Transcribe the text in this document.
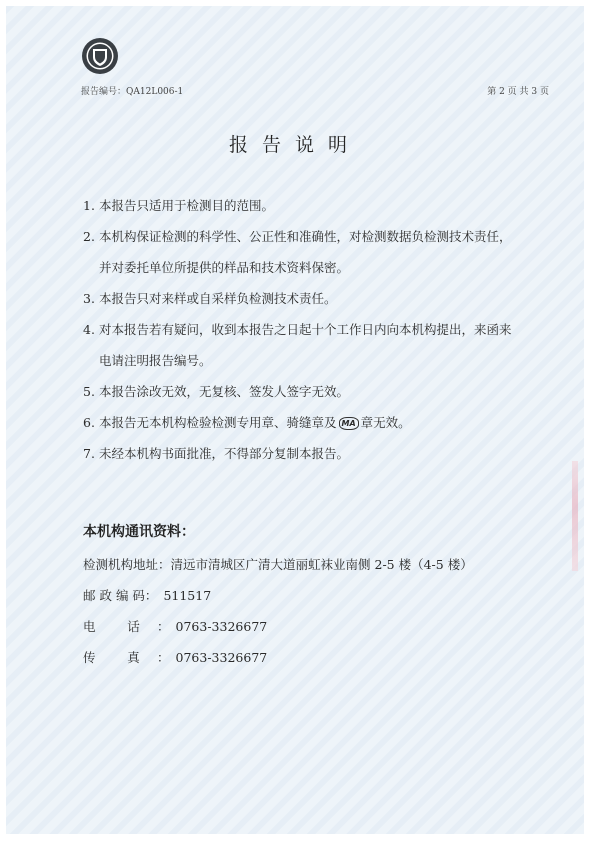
报告编号：QA12L006-1	第 2 页 共 3 页
报告说明

1. 本报告只适用于检测目的范围。

2. 本机构保证检测的科学性、公正性和准确性，对检测数据负检测技术责任，
并对委托单位所提供的样品和技术资料保密。

3. 本报告只对来样或自采样负检测技术责任。

4. 对本报告若有疑问，收到本报告之日起十个工作日内向本机构提出，来函来
电请注明报告编号。

5. 本报告涂改无效，无复核、签发人签字无效。

6. 本报告无本机构检验检测专用章、骑缝章及 MA 章无效。

7. 未经本机构书面批准，不得部分复制本报告。

本机构通讯资料：
检测机构地址： 清远市清城区广清大道丽虹袜业南侧 2-5 楼（4-5 楼）
邮 政 编 码 ： 511517
电        话	： 0763-3326677
传        真	： 0763-3326677
